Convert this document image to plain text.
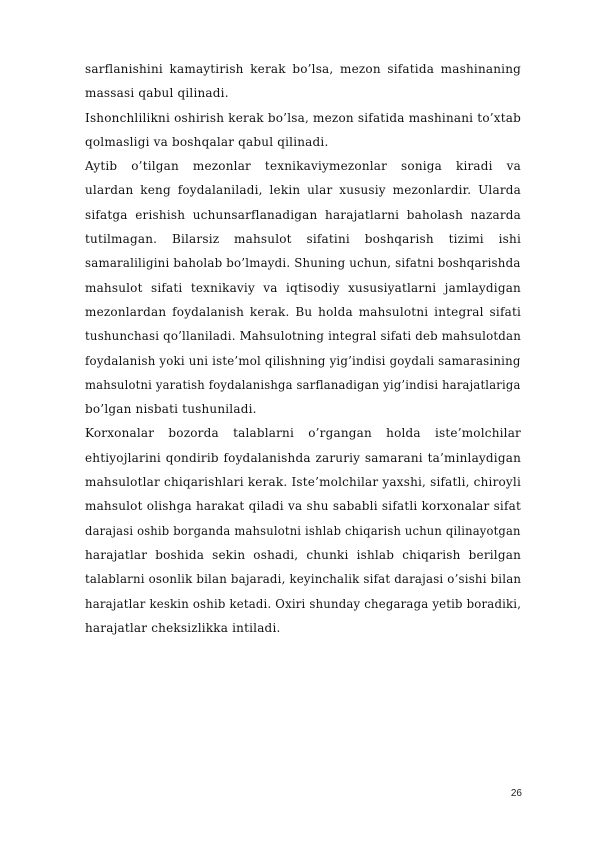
sarflanishini kamaytirish kerak bo’lsa, mezon sifatida mashinaning
massasi qabul qilinadi.
Ishonchlilikni oshirish kerak bo’lsa, mezon sifatida mashinani to’xtab
qolmasligi va boshqalar qabul qilinadi.
Aytib o’tilgan mezonlar texnikaviymezonlar soniga kiradi va
ulardan keng foydalaniladi, lekin ular xususiy mezonlardir. Ularda
sifatga erishish uchunsarflanadigan harajatlarni baholash nazarda
tutilmagan. Bilarsiz mahsulot sifatini boshqarish tizimi ishi
samaraliligini baholab bo’lmaydi. Shuning uchun, sifatni boshqarishda
mahsulot sifati texnikaviy va iqtisodiy xususiyatlarni jamlaydigan
mezonlardan foydalanish kerak. Bu holda mahsulotni integral sifati
tushunchasi qo’llaniladi. Mahsulotning integral sifati deb mahsulotdan
foydalanish yoki uni iste’mol qilishning yig’indisi goydali samarasining
mahsulotni yaratish foydalanishga sarflanadigan yig’indisi harajatlariga
bo’lgan nisbati tushuniladi.
Korxonalar bozorda talablarni o’rgangan holda iste’molchilar
ehtiyojlarini qondirib foydalanishda zaruriy samarani ta’minlaydigan
mahsulotlar chiqarishlari kerak. Iste’molchilar yaxshi, sifatli, chiroyli
mahsulot olishga harakat qiladi va shu sababli sifatli korxonalar sifat
darajasi oshib borganda mahsulotni ishlab chiqarish uchun qilinayotgan
harajatlar boshida sekin oshadi, chunki ishlab chiqarish berilgan
talablarni osonlik bilan bajaradi, keyinchalik sifat darajasi o’sishi bilan
harajatlar keskin oshib ketadi. Oxiri shunday chegaraga yetib boradiki,
harajatlar cheksizlikka intiladi.
26
